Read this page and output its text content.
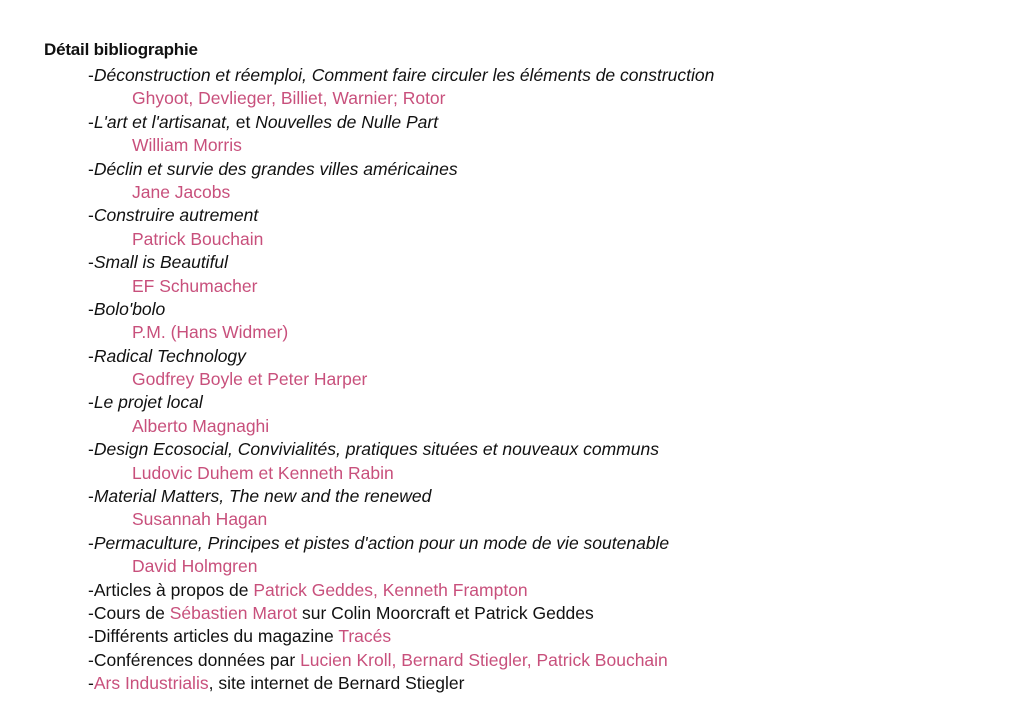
Détail bibliographie
-Déconstruction et réemploi, Comment faire circuler les éléments de construction
Ghyoot, Devlieger, Billiet, Warnier; Rotor
-L'art et l'artisanat, et Nouvelles de Nulle Part
William Morris
-Déclin et survie des grandes villes américaines
Jane Jacobs
-Construire autrement
Patrick Bouchain
-Small is Beautiful
EF Schumacher
-Bolo'bolo
P.M. (Hans Widmer)
-Radical Technology
Godfrey Boyle et Peter Harper
-Le projet local
Alberto Magnaghi
-Design Ecosocial, Convivialités, pratiques situées et nouveaux communs
Ludovic Duhem et Kenneth Rabin
-Material Matters, The new and the renewed
Susannah Hagan
-Permaculture, Principes et pistes d'action pour un mode de vie soutenable
David Holmgren
-Articles à propos de Patrick Geddes, Kenneth Frampton
-Cours de Sébastien Marot sur Colin Moorcraft et Patrick Geddes
-Différents articles du magazine Tracés
-Conférences données par Lucien Kroll, Bernard Stiegler, Patrick Bouchain
-Ars Industrialis, site internet de Bernard Stiegler
